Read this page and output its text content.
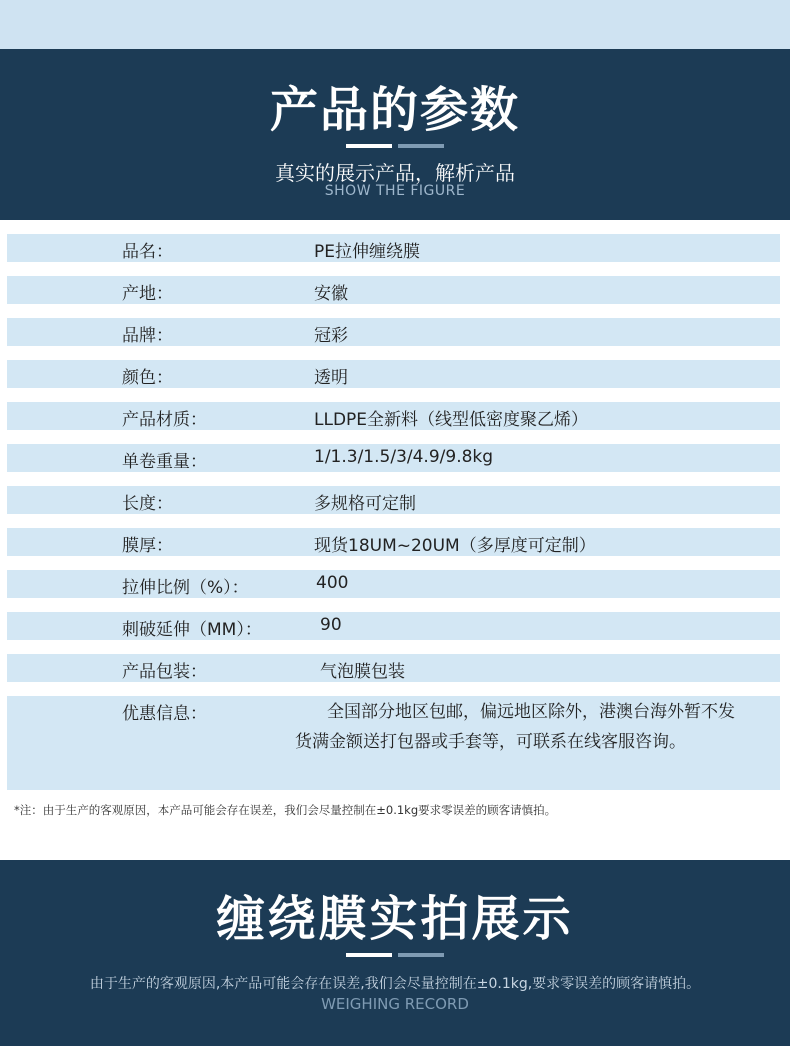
产品的参数
真实的展示产品，解析产品
SHOW THE FIGURE
品名：	PE拉伸缠绕膜
产地：	安徽
品牌：	冠彩
颜色：	透明
产品材质：	LLDPE全新料（线型低密度聚乙烯）
单卷重量：	1/1.3/1.5/3/4.9/9.8kg
长度：	多规格可定制
膜厚：	现货18UM~20UM（多厚度可定制）
拉伸比例（%）：	400
刺破延伸（MM）：	90
产品包装：	气泡膜包装
优惠信息：	全国部分地区包邮，偏远地区除外，港澳台海外暂不发货满金额送打包器或手套等，可联系在线客服咨询。
*注：由于生产的客观原因，本产品可能会存在误差，我们会尽量控制在±0.1kg要求零误差的顾客请慎拍。
缠绕膜实拍展示
由于生产的客观原因,本产品可能会存在误差,我们会尽量控制在±0.1kg,要求零误差的顾客请慎拍。
WEIGHING RECORD
